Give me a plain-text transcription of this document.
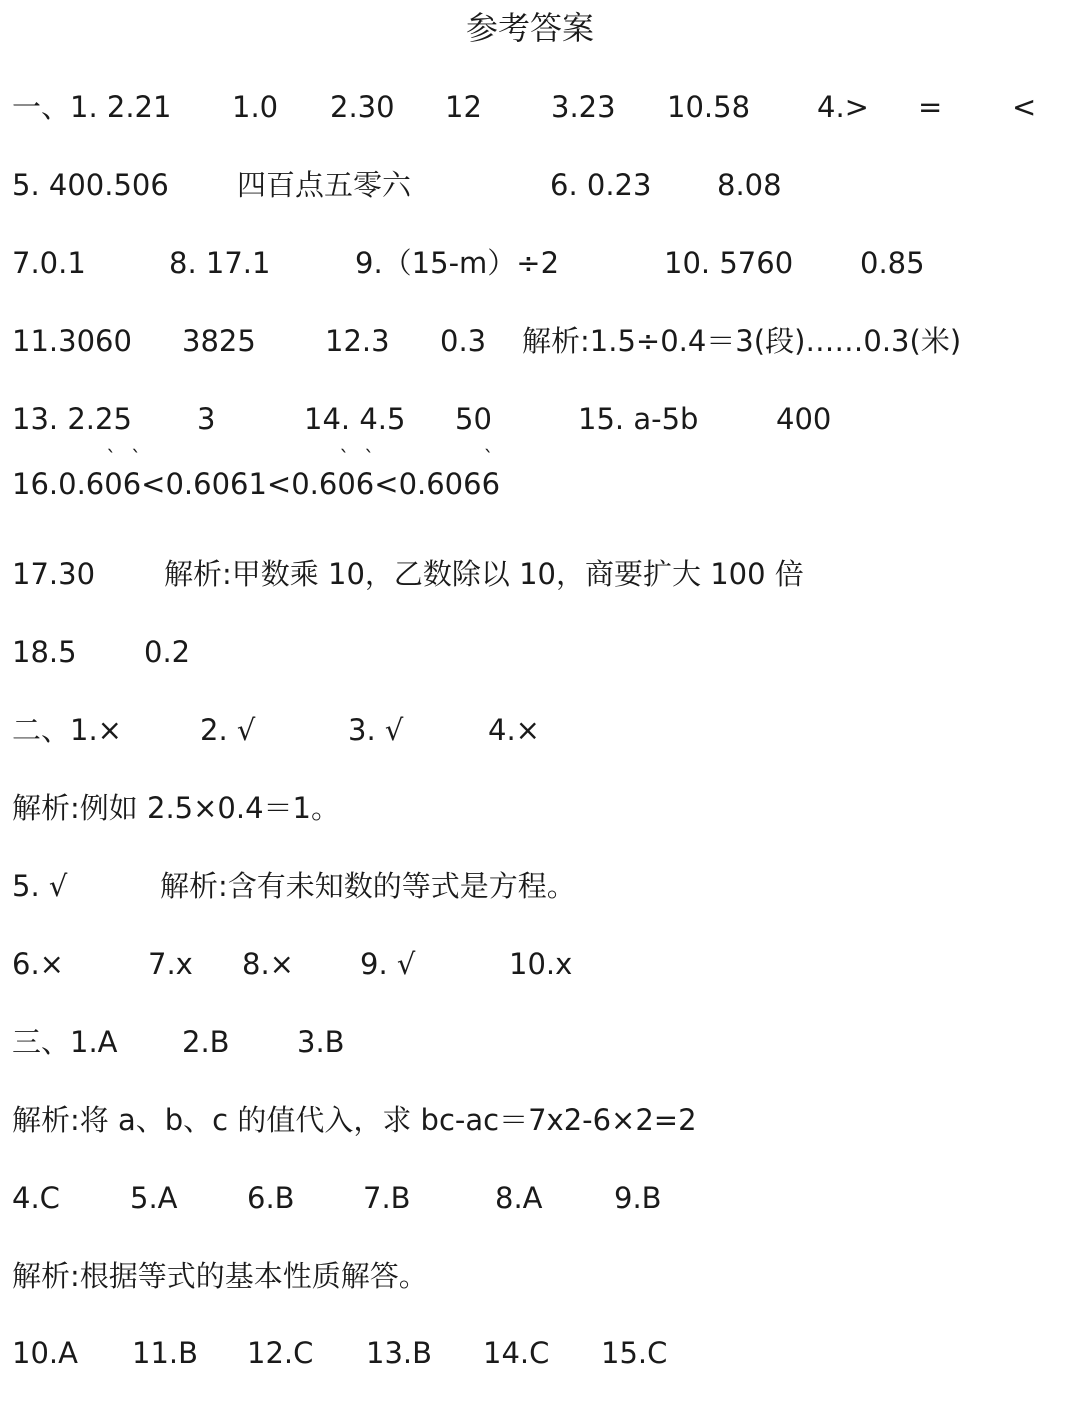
参考答案
一、1. 2.21 1.0 2.30 12 3.23 10.58 4.> = <
5. 400.506 四百点五零六	6. 0.23 8.08
7.0.1	8. 17.1	9.（15-m）÷2	10. 5760 0.85
11.3060 3825 12.3 0.3 解析:1.5÷0.4＝3(段)……0.3(米)
13. 2.25 3	14. 4.5 50	15. a-5b	400
16.0.6
` `
06<0.6061<0.6
` `
06<0.606
`
6
17.30 解析:甲数乘 10，乙数除以 10，商要扩大 100 倍
18.5 0.2
二、1.×	2. √	3. √	4.×
解析:例如 2.5×0.4＝1。
5. √	解析:含有未知数的等式是方程。
6.×	7.x 8.× 9. √	10.x
三、1.A 2.B 3.B
解析:将 a、b、c 的值代入，求 bc-ac＝7x2-6×2=2
4.C 5.A 6.B 7.B	8.A 9.B
解析:根据等式的基本性质解答。
10.A 11.B 12.C 13.B 14.C 15.C
